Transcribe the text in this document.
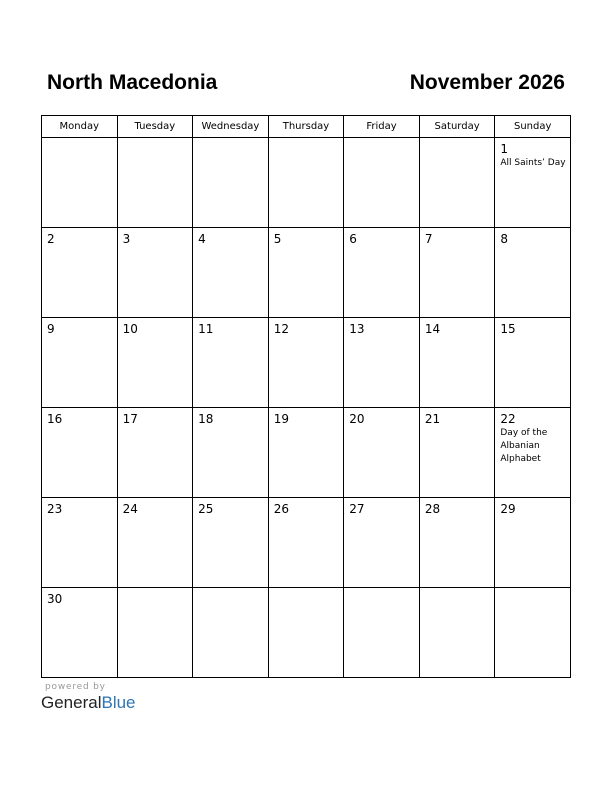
North Macedonia	November 2026
Monday	Tuesday	Wednesday	Thursday	Friday	Saturday	Sunday

						1
All Saints’ Day

2	3	4	5	6	7	8

9	10	11	12	13	14	15

16	17	18	19	20	21	22
Day of the Albanian Alphabet

23	24	25	26	27	28	29

30						

powered by
GeneralBlue
